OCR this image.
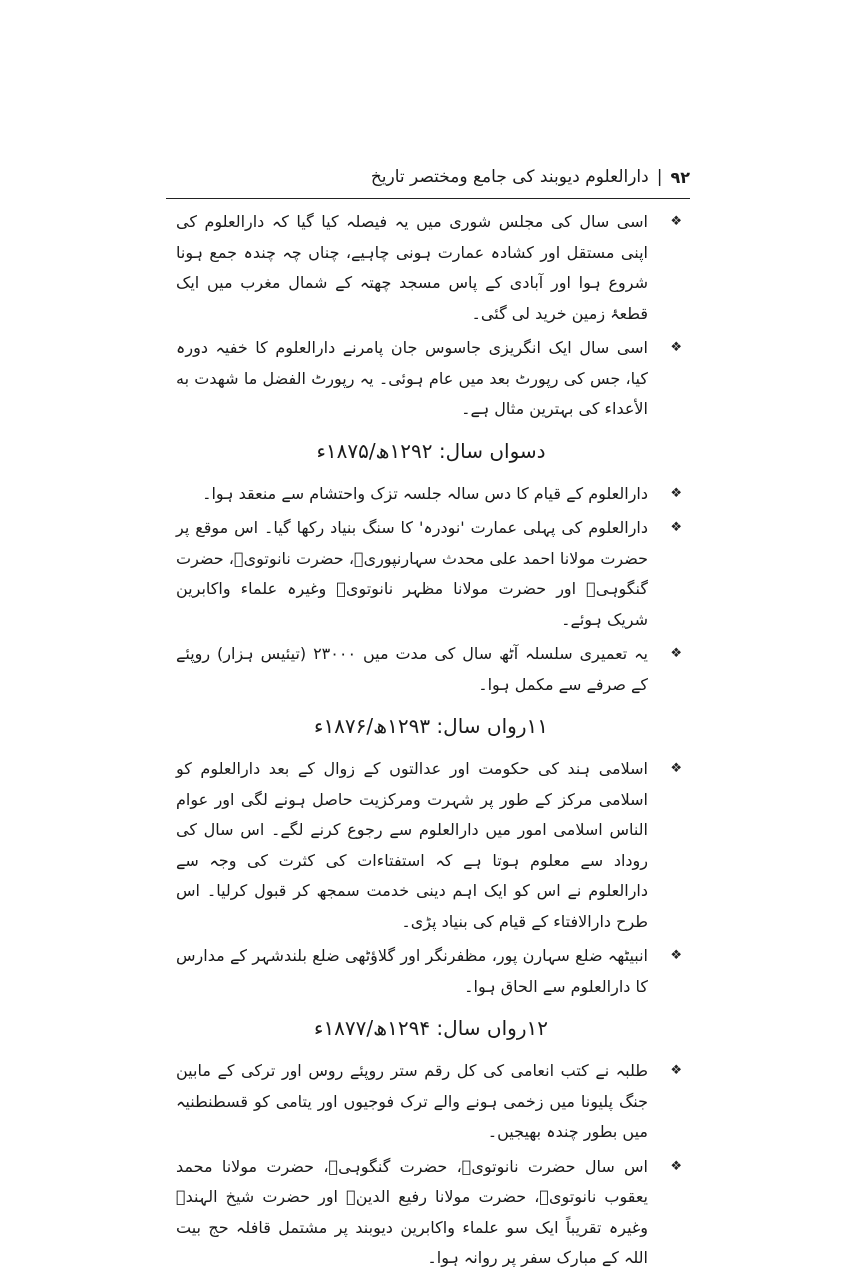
٩٢
|
دارالعلوم دیوبند کی جامع ومختصر تاریخ
❖
اسی سال کی مجلس شوری میں یہ فیصلہ کیا گیا کہ دارالعلوم کی اپنی مستقل اور کشادہ عمارت ہونی چاہیے، چناں چہ چندہ جمع ہونا شروع ہوا اور آبادی کے پاس مسجد چھتہ کے شمال مغرب میں ایک قطعۂ زمین خرید لی گئی۔
❖
اسی سال ایک انگریزی جاسوس جان پامرنے دارالعلوم کا خفیہ دورہ کیا، جس کی رپورٹ بعد میں عام ہوئی۔ یہ رپورٹ الفضل ما شهدت به الأعداء کی بہترین مثال ہے۔
دسواں سال: ۱۲۹۲ھ/۱۸۷۵ء
❖
دارالعلوم کے قیام کا دس سالہ جلسہ تزک واحتشام سے منعقد ہوا۔
❖
دارالعلوم کی پہلی عمارت 'نودرہ' کا سنگ بنیاد رکھا گیا۔ اس موقع پر حضرت مولانا احمد علی محدث سہارنپوریؒ، حضرت نانوتویؒ، حضرت گنگوہیؒ اور حضرت مولانا مظہر نانوتویؒ وغیرہ علماء واکابرین شریک ہوئے۔
❖
یہ تعمیری سلسلہ آٹھ سال کی مدت میں ۲۳۰۰۰ (تیئیس ہزار) روپئے کے صرفے سے مکمل ہوا۔
۱۱رواں سال: ۱۲۹۳ھ/۱۸۷۶ء
❖
اسلامی ہند کی حکومت اور عدالتوں کے زوال کے بعد دارالعلوم کو اسلامی مرکز کے طور پر شہرت ومرکزیت حاصل ہونے لگی اور عوام الناس اسلامی امور میں دارالعلوم سے رجوع کرنے لگے۔ اس سال کی روداد سے معلوم ہوتا ہے کہ استفتاءات کی کثرت کی وجہ سے دارالعلوم نے اس کو ایک اہم دینی خدمت سمجھ کر قبول کرلیا۔ اس طرح دارالافتاء کے قیام کی بنیاد پڑی۔
❖
انبیٹھہ ضلع سہارن پور، مظفرنگر اور گلاؤٹھی ضلع بلندشہر کے مدارس کا دارالعلوم سے الحاق ہوا۔
۱۲رواں سال: ۱۲۹۴ھ/۱۸۷۷ء
❖
طلبہ نے کتب انعامی کی کل رقم ستر روپئے روس اور ترکی کے مابین جنگ پلیونا میں زخمی ہونے والے ترک فوجیوں اور یتامی کو قسطنطنیہ میں بطور چندہ بھیجیں۔
❖
اس سال حضرت نانوتویؒ، حضرت گنگوہیؒ، حضرت مولانا محمد یعقوب نانوتویؒ، حضرت مولانا رفیع الدینؒ اور حضرت شیخ الہندؒ وغیرہ تقریباً ایک سو علماء واکابرین دیوبند پر مشتمل قافلہ حج بیت اللہ کے مبارک سفر پر روانہ ہوا۔
